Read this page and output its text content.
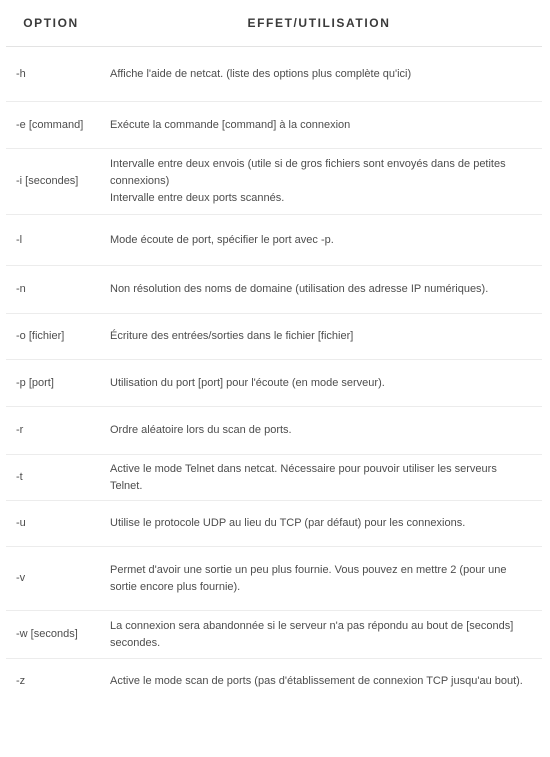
OPTION	EFFET/UTILISATION
-h	Affiche l'aide de netcat. (liste des options plus complète qu'ici)

-e [command]	Exécute la commande [command] à la connexion

-i [secondes]	Intervalle entre deux envois (utile si de gros fichiers sont envoyés dans de petites connexions)
Intervalle entre deux ports scannés.

-l	Mode écoute de port, spécifier le port avec -p.

-n	Non résolution des noms de domaine (utilisation des adresse IP numériques).

-o [fichier]	Écriture des entrées/sorties dans le fichier [fichier]

-p [port]	Utilisation du port [port] pour l'écoute (en mode serveur).

-r	Ordre aléatoire lors du scan de ports.

-t	Active le mode Telnet dans netcat. Nécessaire pour pouvoir utiliser les serveurs Telnet.

-u	Utilise le protocole UDP au lieu du TCP (par défaut) pour les connexions.

-v	Permet d'avoir une sortie un peu plus fournie. Vous pouvez en mettre 2 (pour une sortie encore plus fournie).

-w [seconds]	La connexion sera abandonnée si le serveur n'a pas répondu au bout de [seconds] secondes.

-z	Active le mode scan de ports (pas d'établissement de connexion TCP jusqu'au bout).
